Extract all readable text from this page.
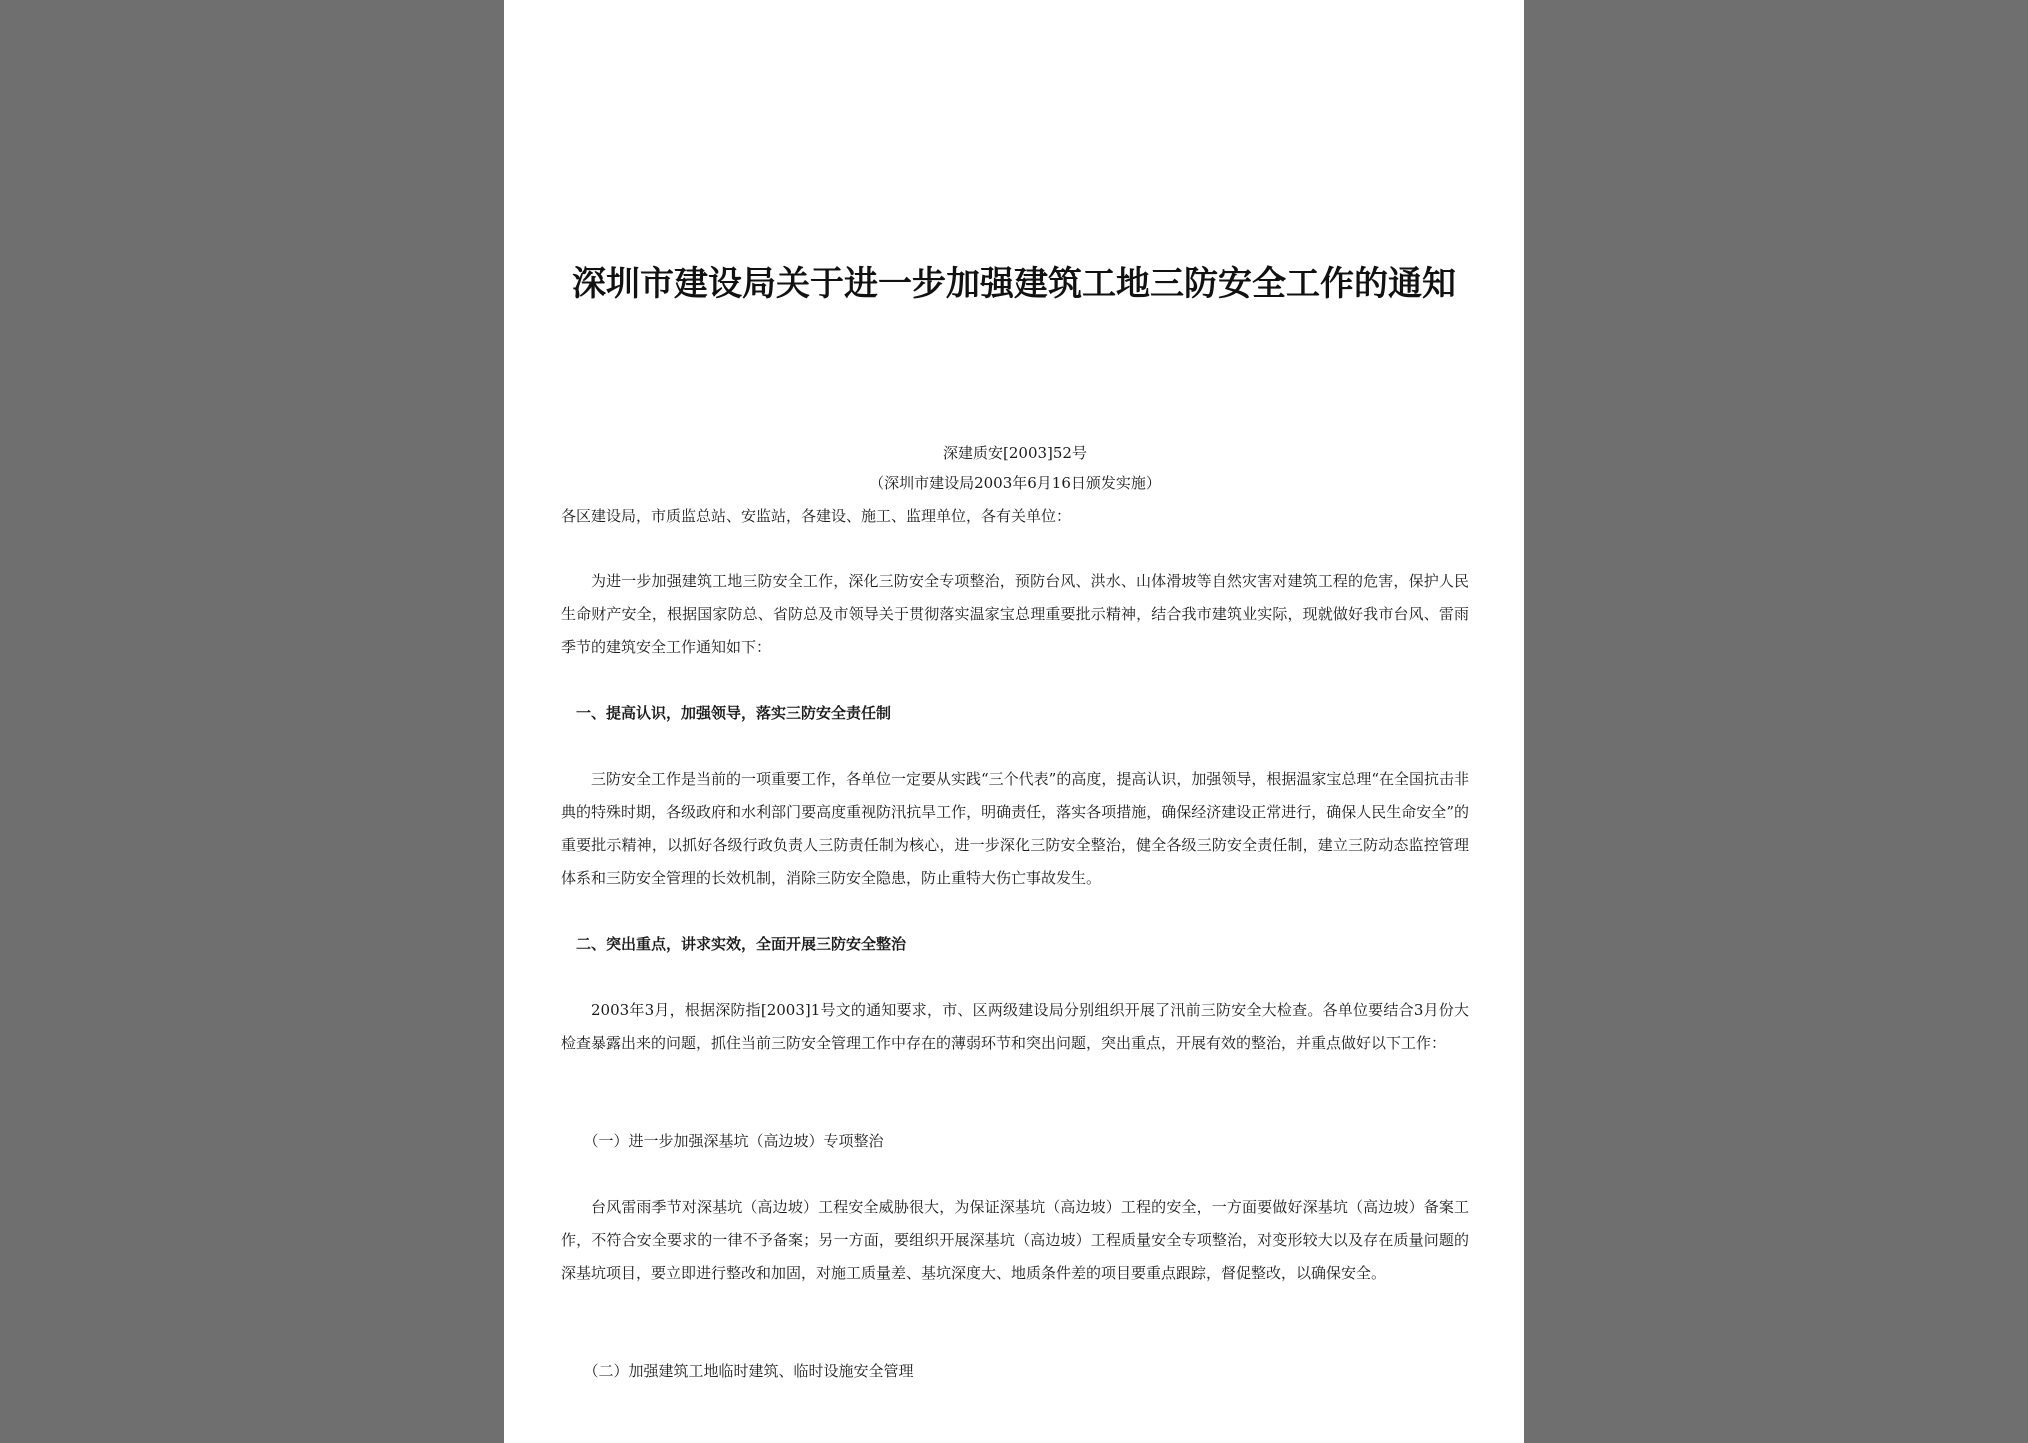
深圳市建设局关于进一步加强建筑工地三防安全工作的通知
深建质安[2003]52号
（深圳市建设局2003年6月16日颁发实施）
各区建设局，市质监总站、安监站，各建设、施工、监理单位，各有关单位：
为进一步加强建筑工地三防安全工作，深化三防安全专项整治，预防台风、洪水、山体滑坡等自然灾害对建筑工程的危害，保护人民生命财产安全，根据国家防总、省防总及市领导关于贯彻落实温家宝总理重要批示精神，结合我市建筑业实际，现就做好我市台风、雷雨季节的建筑安全工作通知如下：
一、提高认识，加强领导，落实三防安全责任制
三防安全工作是当前的一项重要工作，各单位一定要从实践“三个代表”的高度，提高认识，加强领导，根据温家宝总理“在全国抗击非典的特殊时期，各级政府和水利部门要高度重视防汛抗旱工作，明确责任，落实各项措施，确保经济建设正常进行，确保人民生命安全”的重要批示精神，以抓好各级行政负责人三防责任制为核心，进一步深化三防安全整治，健全各级三防安全责任制，建立三防动态监控管理体系和三防安全管理的长效机制，消除三防安全隐患，防止重特大伤亡事故发生。
二、突出重点，讲求实效，全面开展三防安全整治
2003年3月，根据深防指[2003]1号文的通知要求，市、区两级建设局分别组织开展了汛前三防安全大检查。各单位要结合3月份大检查暴露出来的问题，抓住当前三防安全管理工作中存在的薄弱环节和突出问题，突出重点，开展有效的整治，并重点做好以下工作：
（一）进一步加强深基坑（高边坡）专项整治
台风雷雨季节对深基坑（高边坡）工程安全威胁很大，为保证深基坑（高边坡）工程的安全，一方面要做好深基坑（高边坡）备案工作，不符合安全要求的一律不予备案；另一方面，要组织开展深基坑（高边坡）工程质量安全专项整治，对变形较大以及存在质量问题的深基坑项目，要立即进行整改和加固，对施工质量差、基坑深度大、地质条件差的项目要重点跟踪，督促整改，以确保安全。
（二）加强建筑工地临时建筑、临时设施安全管理
